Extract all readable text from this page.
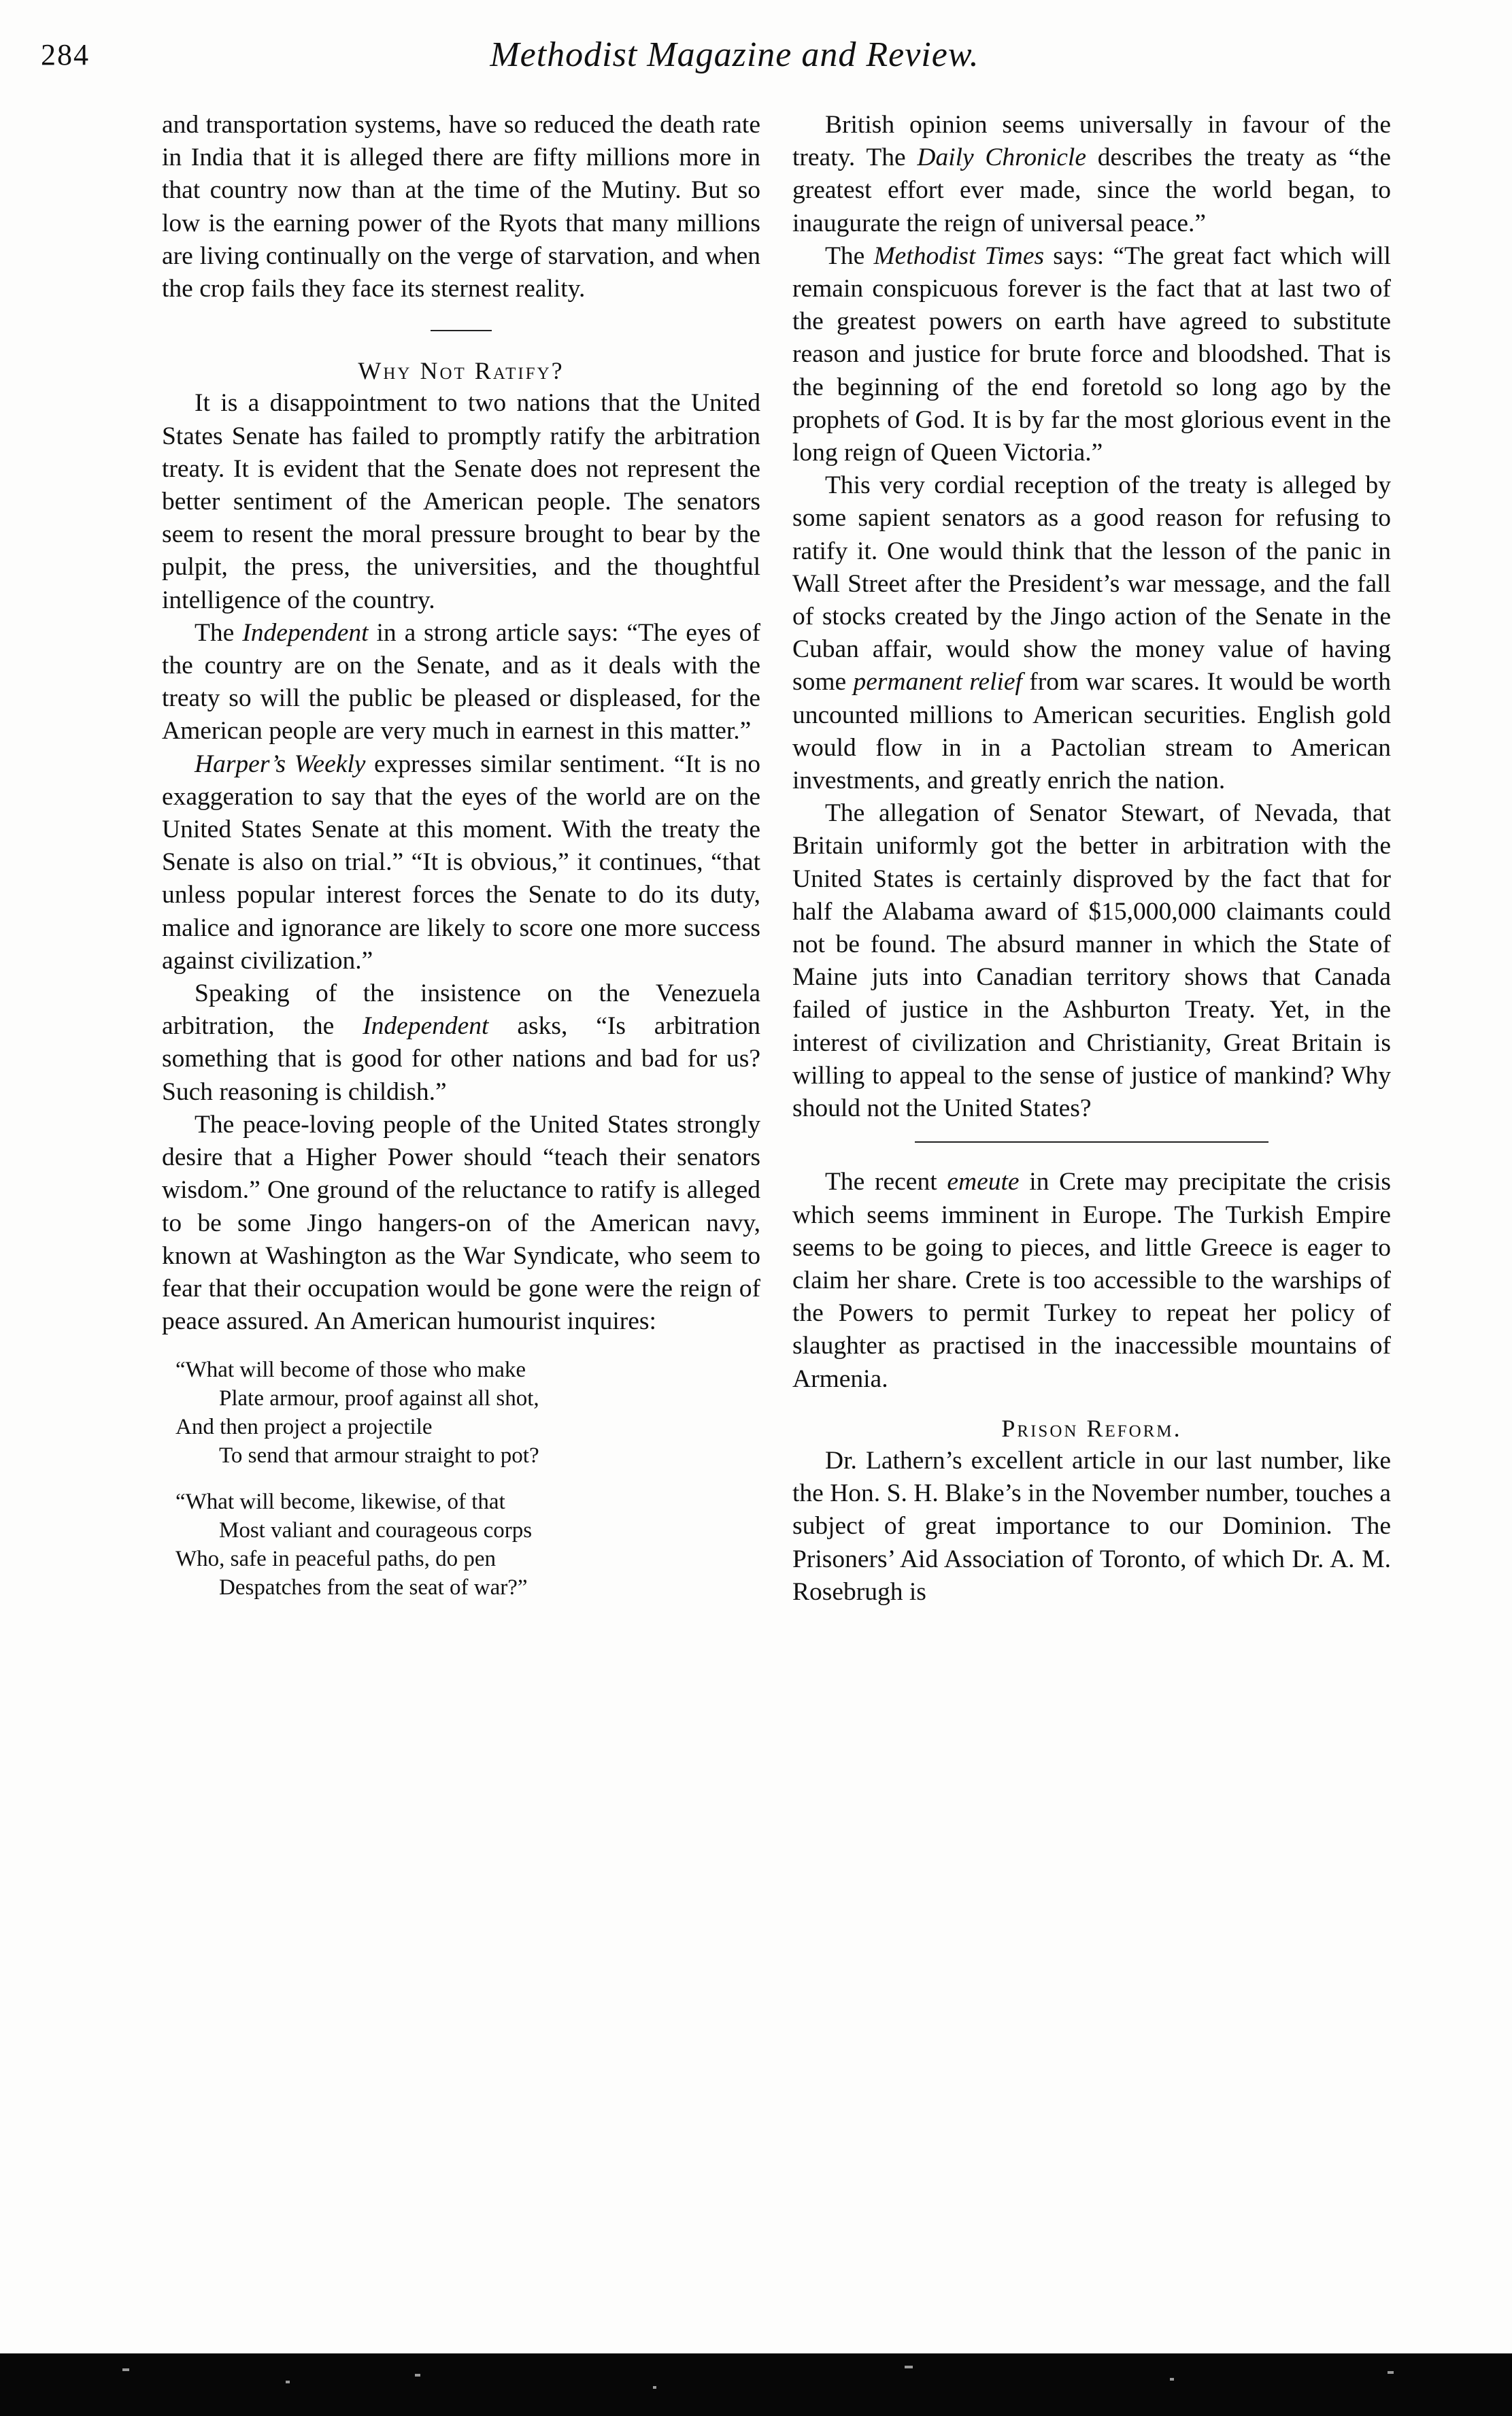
284	Methodist Magazine and Review.

and transportation systems, have so reduced the death rate in India that it is alleged there are fifty millions more in that country now than at the time of the Mutiny. But so low is the earning power of the Ryots that many millions are living continually on the verge of starvation, and when the crop fails they face its sternest reality.

Why Not Ratify?

It is a disappointment to two nations that the United States Senate has failed to promptly ratify the arbitration treaty. It is evident that the Senate does not represent the better sentiment of the American people. The senators seem to resent the moral pressure brought to bear by the pulpit, the press, the universities, and the thoughtful intelligence of the country.

The Independent in a strong article says: “The eyes of the country are on the Senate, and as it deals with the treaty so will the public be pleased or displeased, for the American people are very much in earnest in this matter.”

Harper’s Weekly expresses similar sentiment. “It is no exaggeration to say that the eyes of the world are on the United States Senate at this moment. With the treaty the Senate is also on trial.” “It is obvious,” it continues, “that unless popular interest forces the Senate to do its duty, malice and ignorance are likely to score one more success against civilization.”

Speaking of the insistence on the Venezuela arbitration, the Independent asks, “Is arbitration something that is good for other nations and bad for us? Such reasoning is childish.”

The peace-loving people of the United States strongly desire that a Higher Power should “teach their senators wisdom.” One ground of the reluctance to ratify is alleged to be some Jingo hangers-on of the American navy, known at Washington as the War Syndicate, who seem to fear that their occupation would be gone were the reign of peace assured. An American humourist inquires:

“What will become of those who make
Plate armour, proof against all shot,
And then project a projectile
To send that armour straight to pot?
“What will become, likewise, of that
Most valiant and courageous corps
Who, safe in peaceful paths, do pen
Despatches from the seat of war?”

British opinion seems universally in favour of the treaty. The Daily Chronicle describes the treaty as “the greatest effort ever made, since the world began, to inaugurate the reign of universal peace.”

The Methodist Times says: “The great fact which will remain conspicuous forever is the fact that at last two of the greatest powers on earth have agreed to substitute reason and justice for brute force and bloodshed. That is the beginning of the end foretold so long ago by the prophets of God. It is by far the most glorious event in the long reign of Queen Victoria.”

This very cordial reception of the treaty is alleged by some sapient senators as a good reason for refusing to ratify it. One would think that the lesson of the panic in Wall Street after the President’s war message, and the fall of stocks created by the Jingo action of the Senate in the Cuban affair, would show the money value of having some permanent relief from war scares. It would be worth uncounted millions to American securities. English gold would flow in in a Pactolian stream to American investments, and greatly enrich the nation.

The allegation of Senator Stewart, of Nevada, that Britain uniformly got the better in arbitration with the United States is certainly disproved by the fact that for half the Alabama award of $15,000,000 claimants could not be found. The absurd manner in which the State of Maine juts into Canadian territory shows that Canada failed of justice in the Ashburton Treaty. Yet, in the interest of civilization and Christianity, Great Britain is willing to appeal to the sense of justice of mankind? Why should not the United States?

The recent emeute in Crete may precipitate the crisis which seems imminent in Europe. The Turkish Empire seems to be going to pieces, and little Greece is eager to claim her share. Crete is too accessible to the warships of the Powers to permit Turkey to repeat her policy of slaughter as practised in the inaccessible mountains of Armenia.

Prison Reform.

Dr. Lathern’s excellent article in our last number, like the Hon. S. H. Blake’s in the November number, touches a subject of great importance to our Dominion. The Prisoners’ Aid Association of Toronto, of which Dr. A. M. Rosebrugh is
